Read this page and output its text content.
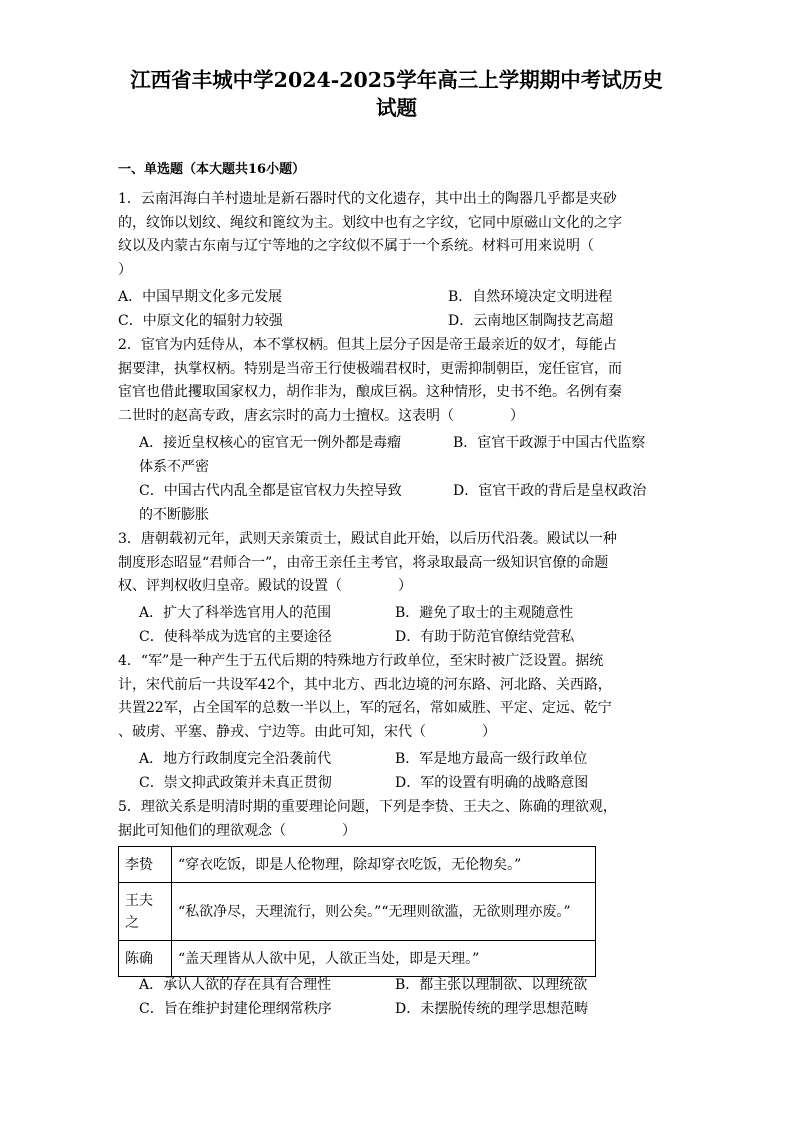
江西省丰城中学2024-2025学年高三上学期期中考试历史
试题
一、单选题（本大题共16小题）
1．云南洱海白羊村遗址是新石器时代的文化遗存，其中出土的陶器几乎都是夹砂
的，纹饰以划纹、绳纹和篦纹为主。划纹中也有之字纹，它同中原磁山文化的之字
纹以及内蒙古东南与辽宁等地的之字纹似不属于一个系统。材料可用来说明（
）
A．中国早期文化多元发展	B．自然环境决定文明进程
C．中原文化的辐射力较强	D．云南地区制陶技艺高超
2．宦官为内廷侍从，本不掌权柄。但其上层分子因是帝王最亲近的奴才，每能占
据要津，执掌权柄。特别是当帝王行使极端君权时，更需抑制朝臣，宠任宦官，而
宦官也借此攫取国家权力，胡作非为，酿成巨祸。这种情形，史书不绝。名例有秦
二世时的赵高专政，唐玄宗时的高力士擅权。这表明（　　　　）
A．接近皇权核心的宦官无一例外都是毒瘤	B．宦官干政源于中国古代监察
体系不严密
C．中国古代内乱全都是宦官权力失控导致	D．宦官干政的背后是皇权政治
的不断膨胀
3．唐朝载初元年，武则天亲策贡士，殿试自此开始，以后历代沿袭。殿试以一种
制度形态昭显“君师合一”，由帝王亲任主考官，将录取最高一级知识官僚的命题
权、评判权收归皇帝。殿试的设置（　　　　）
A．扩大了科举选官用人的范围	B．避免了取士的主观随意性
C．使科举成为选官的主要途径	D．有助于防范官僚结党营私
4．“军”是一种产生于五代后期的特殊地方行政单位，至宋时被广泛设置。据统
计，宋代前后一共设军42个，其中北方、西北边境的河东路、河北路、关西路，
共置22军，占全国军的总数一半以上，军的冠名，常如威胜、平定、定远、乾宁
、破虏、平塞、静戎、宁边等。由此可知，宋代（　　　　）
A．地方行政制度完全沿袭前代	B．军是地方最高一级行政单位
C．崇文抑武政策并未真正贯彻	D．军的设置有明确的战略意图
5．理欲关系是明清时期的重要理论问题，下列是李贽、王夫之、陈确的理欲观，
据此可知他们的理欲观念（　　　　）
李贽	“穿衣吃饭，即是人伦物理，除却穿衣吃饭，无伦物矣。”
王夫之	“私欲净尽，天理流行，则公矣。”“无理则欲滥，无欲则理亦废。”
陈确	“盖天理皆从人欲中见，人欲正当处，即是天理。”
A．承认人欲的存在具有合理性	B．都主张以理制欲、以理统欲
C．旨在维护封建伦理纲常秩序	D．未摆脱传统的理学思想范畴
